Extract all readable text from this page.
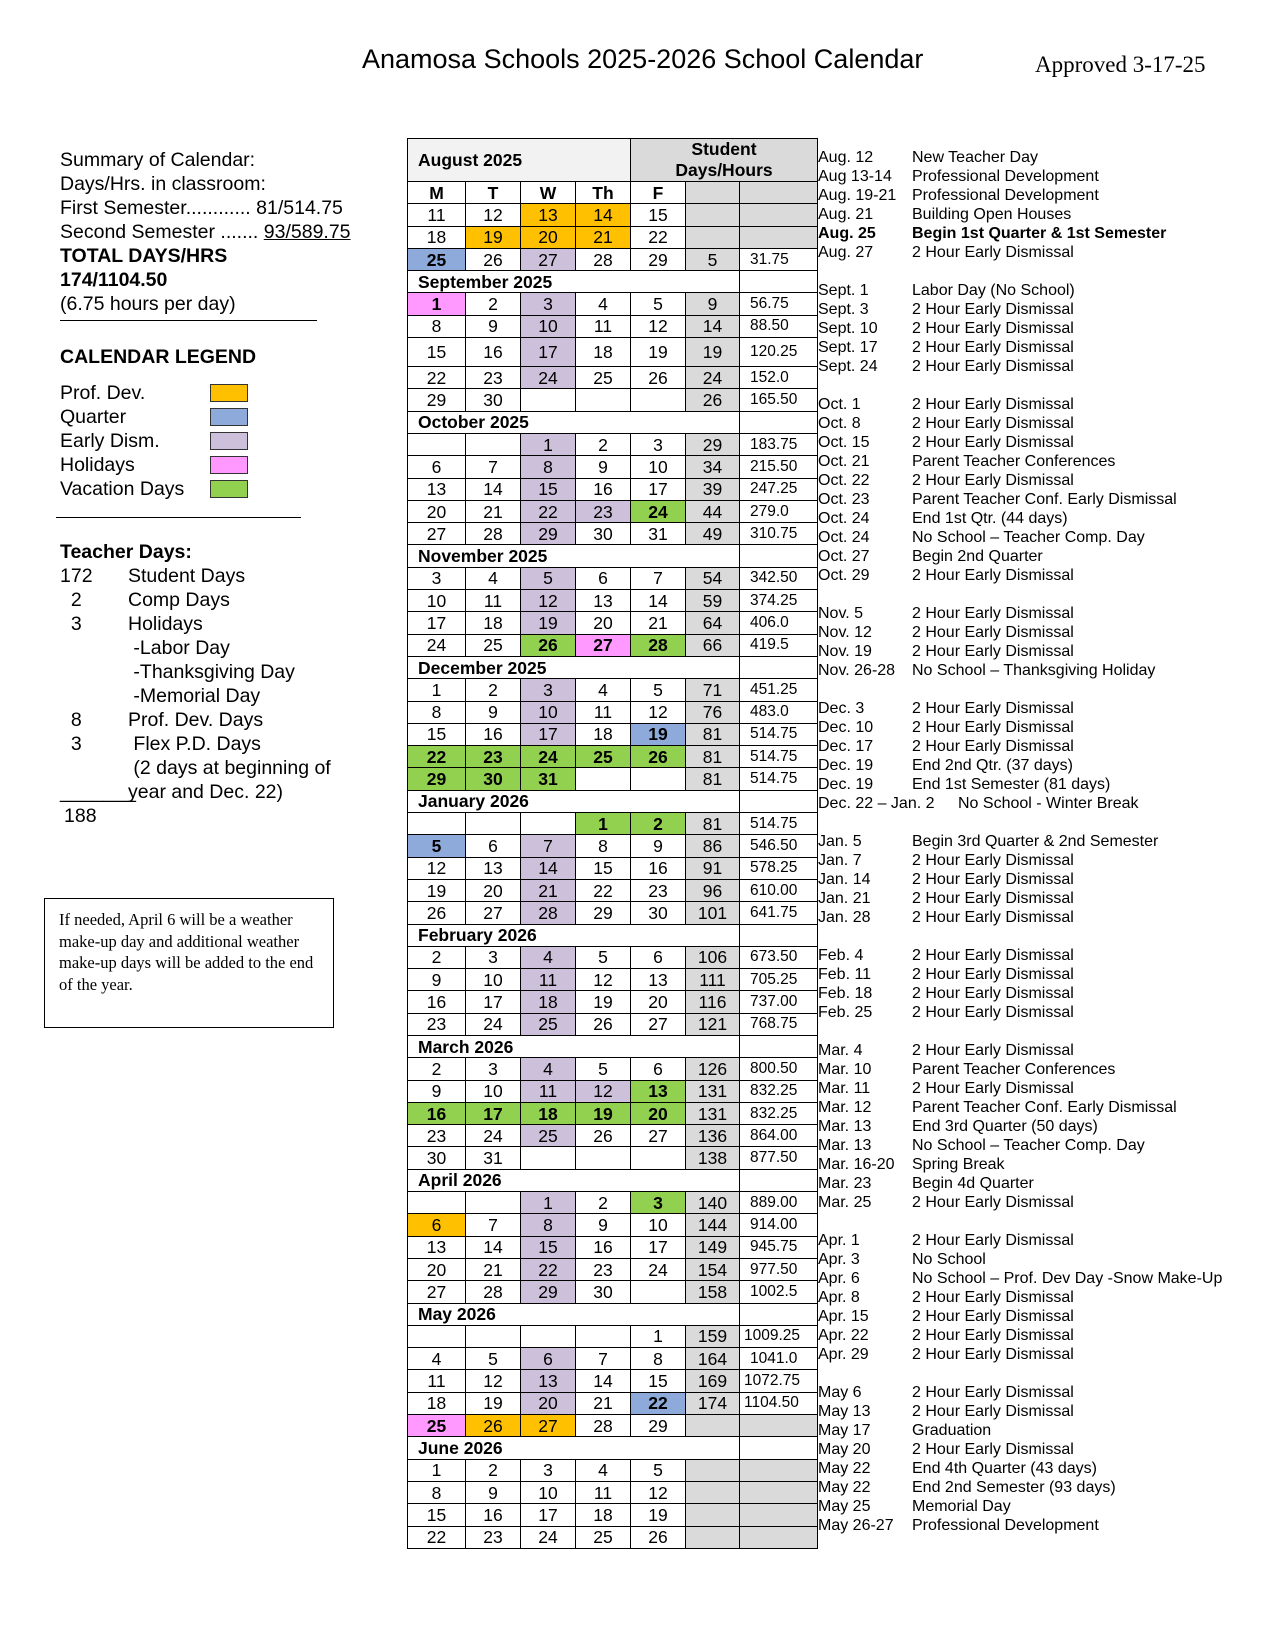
Anamosa Schools 2025-2026 School Calendar	Approved 3-17-25
Summary of Calendar:
Days/Hrs. in classroom:
First Semester............ 81/514.75
Second Semester ....... 93/589.75
TOTAL DAYS/HRS
174/1104.50
(6.75 hours per day)
CALENDAR LEGEND
Prof. Dev.
Quarter
Early Dism.
Holidays
Vacation Days
Teacher Days:
172	Student Days
2	Comp Days
3	Holidays
-Labor Day
-Thanksgiving Day
-Memorial Day
8	Prof. Dev. Days
3	Flex P.D. Days
(2 days at beginning of
_______
year and Dec. 22)
188
If needed, April 6 will be a weather make-up day and additional weather make-up days will be added to the end of the year.
August 2025				Student Days/Hours		
M	T	W	Th	F		
11	12	13	14	15		
18	19	20	21	22		
25	26	27	28	29	5	31.75
September 2025						
1	2	3	4	5	9	56.75
8	9	10	11	12	14	88.50
15	16	17	18	19	19	120.25
22	23	24	25	26	24	152.0
29	30				26	165.50
October 2025						
		1	2	3	29	183.75
6	7	8	9	10	34	215.50
13	14	15	16	17	39	247.25
20	21	22	23	24	44	279.0
27	28	29	30	31	49	310.75
November 2025						
3	4	5	6	7	54	342.50
10	11	12	13	14	59	374.25
17	18	19	20	21	64	406.0
24	25	26	27	28	66	419.5
December 2025						
1	2	3	4	5	71	451.25
8	9	10	11	12	76	483.0
15	16	17	18	19	81	514.75
22	23	24	25	26	81	514.75
29	30	31			81	514.75
January 2026						
			1	2	81	514.75
5	6	7	8	9	86	546.50
12	13	14	15	16	91	578.25
19	20	21	22	23	96	610.00
26	27	28	29	30	101	641.75
February 2026						
2	3	4	5	6	106	673.50
9	10	11	12	13	111	705.25
16	17	18	19	20	116	737.00
23	24	25	26	27	121	768.75
March 2026						
2	3	4	5	6	126	800.50
9	10	11	12	13	131	832.25
16	17	18	19	20	131	832.25
23	24	25	26	27	136	864.00
30	31				138	877.50
April 2026						
		1	2	3	140	889.00
6	7	8	9	10	144	914.00
13	14	15	16	17	149	945.75
20	21	22	23	24	154	977.50
27	28	29	30		158	1002.5
May 2026						
				1	159	1009.25
4	5	6	7	8	164	1041.0
11	12	13	14	15	169	1072.75
18	19	20	21	22	174	1104.50
25	26	27	28	29		
June 2026						
1	2	3	4	5		
8	9	10	11	12		
15	16	17	18	19		
22	23	24	25	26		
Aug. 12 New Teacher Day
Aug 13-14 Professional Development
Aug. 19-21 Professional Development
Aug. 21 Building Open Houses
Aug. 25 Begin 1st Quarter & 1st Semester
Aug. 27 2 Hour Early Dismissal
Sept. 1	Labor Day (No School)
Sept. 3	2 Hour Early Dismissal
Sept. 10 2 Hour Early Dismissal
Sept. 17 2 Hour Early Dismissal
Sept. 24 2 Hour Early Dismissal
Oct. 1	2 Hour Early Dismissal
Oct. 8	2 Hour Early Dismissal
Oct. 15	2 Hour Early Dismissal
Oct. 21	Parent Teacher Conferences
Oct. 22	2 Hour Early Dismissal
Oct. 23	Parent Teacher Conf. Early Dismissal
Oct. 24	End 1st Qtr. (44 days)
Oct. 24	No School – Teacher Comp. Day
Oct. 27	Begin 2nd Quarter
Oct. 29	2 Hour Early Dismissal
Nov. 5	2 Hour Early Dismissal
Nov. 12	2 Hour Early Dismissal
Nov. 19	2 Hour Early Dismissal
Nov. 26-28 No School – Thanksgiving Holiday
Dec. 3	2 Hour Early Dismissal
Dec. 10 2 Hour Early Dismissal
Dec. 17 2 Hour Early Dismissal
Dec. 19 End 2nd Qtr. (37 days)
Dec. 19 End 1st Semester (81 days)
Dec. 22 – Jan. 2 No School - Winter Break
Jan. 5	Begin 3rd Quarter & 2nd Semester
Jan. 7	2 Hour Early Dismissal
Jan. 14	2 Hour Early Dismissal
Jan. 21	2 Hour Early Dismissal
Jan. 28	2 Hour Early Dismissal
Feb. 4	2 Hour Early Dismissal
Feb. 11	2 Hour Early Dismissal
Feb. 18 2 Hour Early Dismissal
Feb. 25 2 Hour Early Dismissal
Mar. 4	2 Hour Early Dismissal
Mar. 10	Parent Teacher Conferences
Mar. 11	2 Hour Early Dismissal
Mar. 12	Parent Teacher Conf. Early Dismissal
Mar. 13	End 3rd Quarter (50 days)
Mar. 13	No School – Teacher Comp. Day
Mar. 16-20 Spring Break
Mar. 23	Begin 4d Quarter
Mar. 25	2 Hour Early Dismissal
Apr. 1	2 Hour Early Dismissal
Apr. 3	No School
Apr. 6	No School – Prof. Dev Day -Snow Make-Up
Apr. 8	2 Hour Early Dismissal
Apr. 15	2 Hour Early Dismissal
Apr. 22	2 Hour Early Dismissal
Apr. 29	2 Hour Early Dismissal
May 6	2 Hour Early Dismissal
May 13	2 Hour Early Dismissal
May 17	Graduation
May 20	2 Hour Early Dismissal
May 22	End 4th Quarter (43 days)
May 22	End 2nd Semester (93 days)
May 25	Memorial Day
May 26-27 Professional Development
